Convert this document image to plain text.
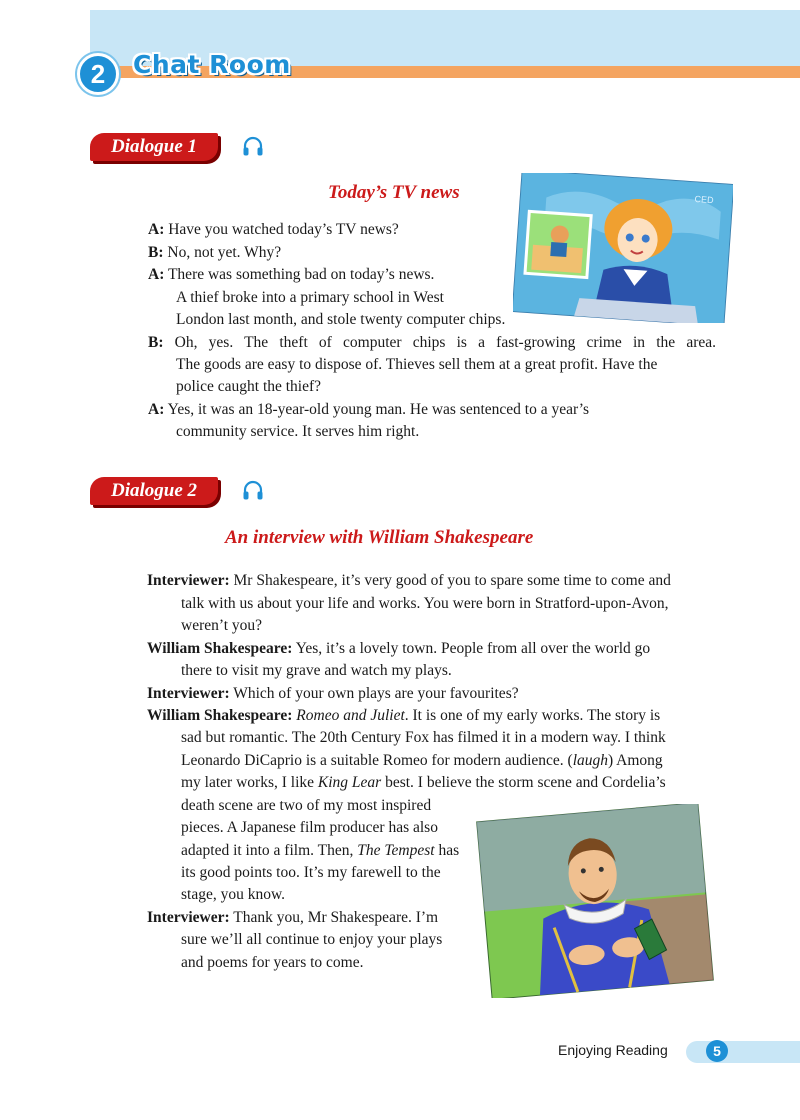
2	Chat Room
Dialogue 1
Today’s TV news	CED
A: Have you watched today’s TV news?
B: No, not yet. Why?
A: There was something bad on today’s news.
A thief broke into a primary school in West
London last month, and stole twenty computer chips.
B: Oh, yes. The theft of computer chips is a fast-growing crime in the area.
The goods are easy to dispose of. Thieves sell them at a great profit. Have the
police caught the thief?
A: Yes, it was an 18-year-old young man. He was sentenced to a year’s
community service. It serves him right.
Dialogue 2
An interview with William Shakespeare
Interviewer: Mr Shakespeare, it’s very good of you to spare some time to come and
talk with us about your life and works. You were born in Stratford-upon-Avon,
weren’t you?
William Shakespeare: Yes, it’s a lovely town. People from all over the world go
there to visit my grave and watch my plays.
Interviewer: Which of your own plays are your favourites?
William Shakespeare: Romeo and Juliet. It is one of my early works. The story is
sad but romantic. The 20th Century Fox has filmed it in a modern way. I think
Leonardo DiCaprio is a suitable Romeo for modern audience. (laugh) Among
my later works, I like King Lear best. I believe the storm scene and Cordelia’s
death scene are two of my most inspired
pieces. A Japanese film producer has also
adapted it into a film. Then, The Tempest has
its good points too. It’s my farewell to the
stage, you know.
Interviewer: Thank you, Mr Shakespeare. I’m
sure we’ll all continue to enjoy your plays
and poems for years to come.
Enjoying Reading	5
